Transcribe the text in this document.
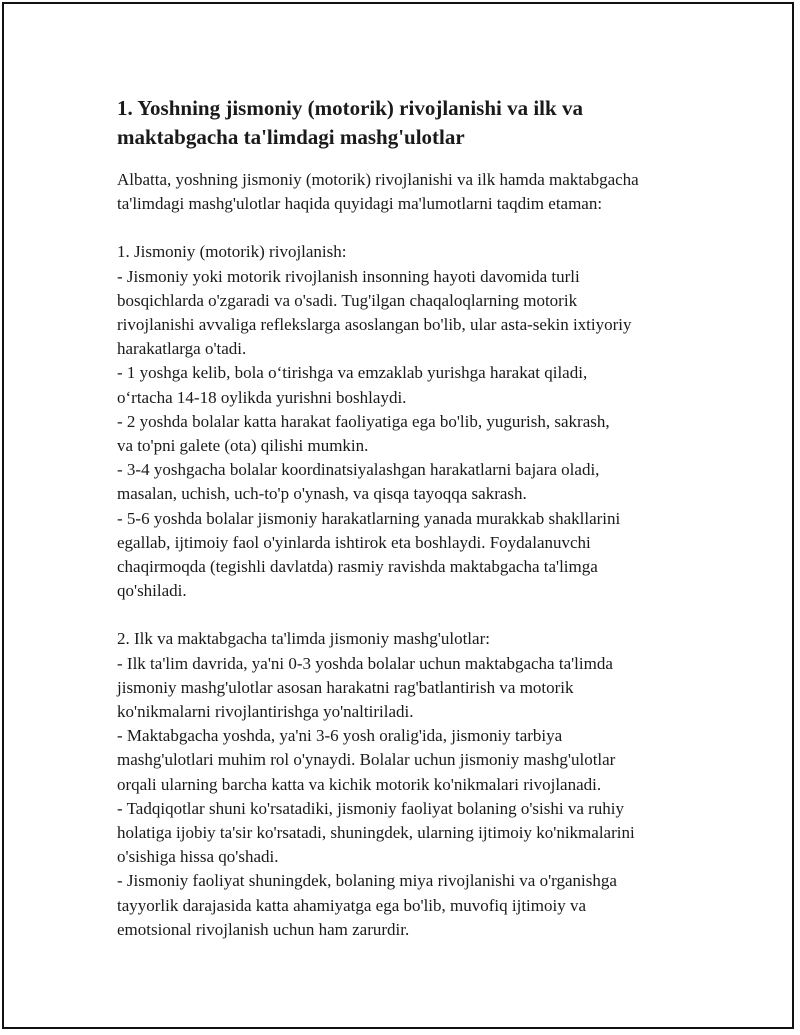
1. Yoshning jismoniy (motorik) rivojlanishi va ilk va
maktabgacha ta'limdagi mashg'ulotlar
Albatta, yoshning jismoniy (motorik) rivojlanishi va ilk hamda maktabgacha
ta'limdagi mashg'ulotlar haqida quyidagi ma'lumotlarni taqdim etaman:
1. Jismoniy (motorik) rivojlanish:
- Jismoniy yoki motorik rivojlanish insonning hayoti davomida turli
bosqichlarda o'zgaradi va o'sadi. Tug'ilgan chaqaloqlarning motorik
rivojlanishi avvaliga reflekslarga asoslangan bo'lib, ular asta-sekin ixtiyoriy
harakatlarga o'tadi.
- 1 yoshga kelib, bola o‘tirishga va emzaklab yurishga harakat qiladi,
o‘rtacha 14-18 oylikda yurishni boshlaydi.
- 2 yoshda bolalar katta harakat faoliyatiga ega bo'lib, yugurish, sakrash,
va to'pni galete (ota) qilishi mumkin.
- 3-4 yoshgacha bolalar koordinatsiyalashgan harakatlarni bajara oladi,
masalan, uchish, uch-to'p o'ynash, va qisqa tayoqqa sakrash.
- 5-6 yoshda bolalar jismoniy harakatlarning yanada murakkab shakllarini
egallab, ijtimoiy faol o'yinlarda ishtirok eta boshlaydi. Foydalanuvchi
chaqirmoqda (tegishli davlatda) rasmiy ravishda maktabgacha ta'limga
qo'shiladi.
2. Ilk va maktabgacha ta'limda jismoniy mashg'ulotlar:
- Ilk ta'lim davrida, ya'ni 0-3 yoshda bolalar uchun maktabgacha ta'limda
jismoniy mashg'ulotlar asosan harakatni rag'batlantirish va motorik
ko'nikmalarni rivojlantirishga yo'naltiriladi.
- Maktabgacha yoshda, ya'ni 3-6 yosh oralig'ida, jismoniy tarbiya
mashg'ulotlari muhim rol o'ynaydi. Bolalar uchun jismoniy mashg'ulotlar
orqali ularning barcha katta va kichik motorik ko'nikmalari rivojlanadi.
- Tadqiqotlar shuni ko'rsatadiki, jismoniy faoliyat bolaning o'sishi va ruhiy
holatiga ijobiy ta'sir ko'rsatadi, shuningdek, ularning ijtimoiy ko'nikmalarini
o'sishiga hissa qo'shadi.
- Jismoniy faoliyat shuningdek, bolaning miya rivojlanishi va o'rganishga
tayyorlik darajasida katta ahamiyatga ega bo'lib, muvofiq ijtimoiy va
emotsional rivojlanish uchun ham zarurdir.
